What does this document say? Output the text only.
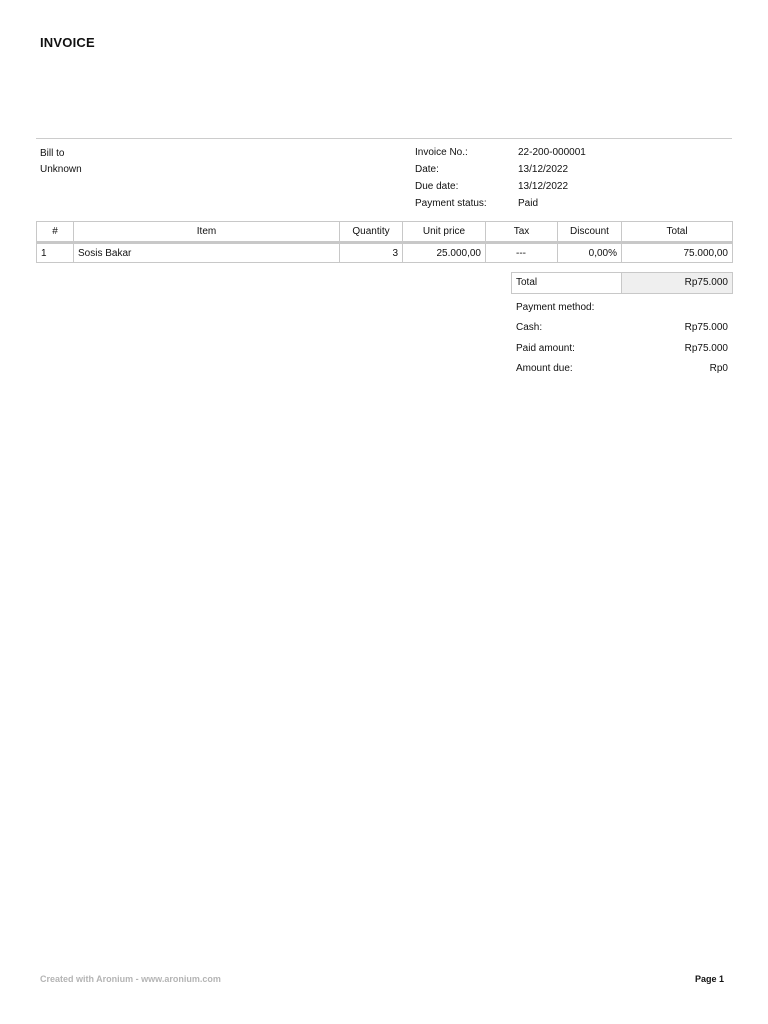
INVOICE
Bill to
Unknown
Invoice No.:	22-200-000001
Date:	13/12/2022
Due date:	13/12/2022
Payment status:	Paid
#	Item	Quantity	Unit price	Tax	Discount	Total
1	Sosis Bakar	3	25.000,00	---	0,00%	75.000,00
Total	Rp75.000
Payment method:
Cash:	Rp75.000
Paid amount:	Rp75.000
Amount due:	Rp0
Created with Aronium - www.aronium.com	Page 1
